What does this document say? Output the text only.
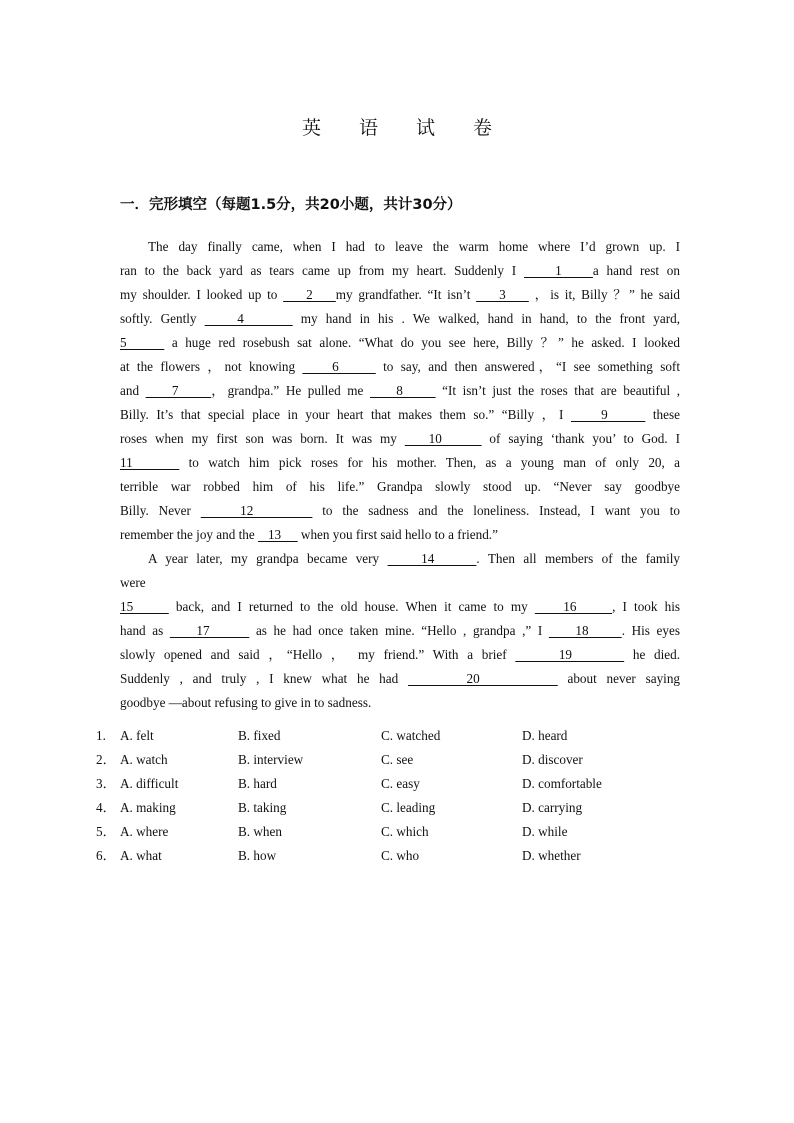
英 语 试 卷
一．完形填空（每题1.5分，共20小题，共计30分）
The day finally came, when I had to leave the warm home where I’d grown up. I
ran to the back yard as tears came up from my heart. Suddenly I     1    a hand rest on
my shoulder. I looked up to     2    my grandfather. “It isn’t     3     ，is it, Billy ？” he said
softly. Gently     4       my hand in his . We walked, hand in hand, to the front yard,
5      a huge red rosebush sat alone. “What do you see here, Billy ？” he asked. I looked
at the flowers ，not knowing     6      to say, and then answered，“I see something soft
and     7     ，grandpa.” He pulled me     8      “It isn’t just the roses that are beautiful ,
Billy. It’s that special place in your heart that makes them so.” “Billy ，I     9      these
roses when my first son was born. It was my    10      of saying ‘thank you’ to God. I
11      to watch him pick roses for his mother. Then, as a young man of only 20, a
terrible war robbed him of his life.” Grandpa slowly stood up. “Never say goodbye
Billy. Never     12       to the sadness and the loneliness. Instead, I want you to
remember the joy and the    13      when you first said hello to a friend.”
A year later, my grandpa became very     14     . Then all members of the family
were
15      back, and I returned to the old house. When it came to my     16     , I took his
hand as     17       as he had once taken mine. “Hello , grandpa ,” I     18     . His eyes
slowly opened and said ，“Hello ， my friend.” With a brief      19       he died.
Suddenly , and truly , I knew what he had       20         about never saying
goodbye —about refusing to give in to sadness.
1. A. felt	B. fixed	C. watched	D. heard
2． A. watch	B. interview	C. see	D. discover
3． A. difficult	B. hard	C. easy	D. comfortable
4． A. making	B. taking	C. leading	D. carrying
5． A. where	B. when	C. which	D. while
6． A. what	B. how	C. who	D. whether
